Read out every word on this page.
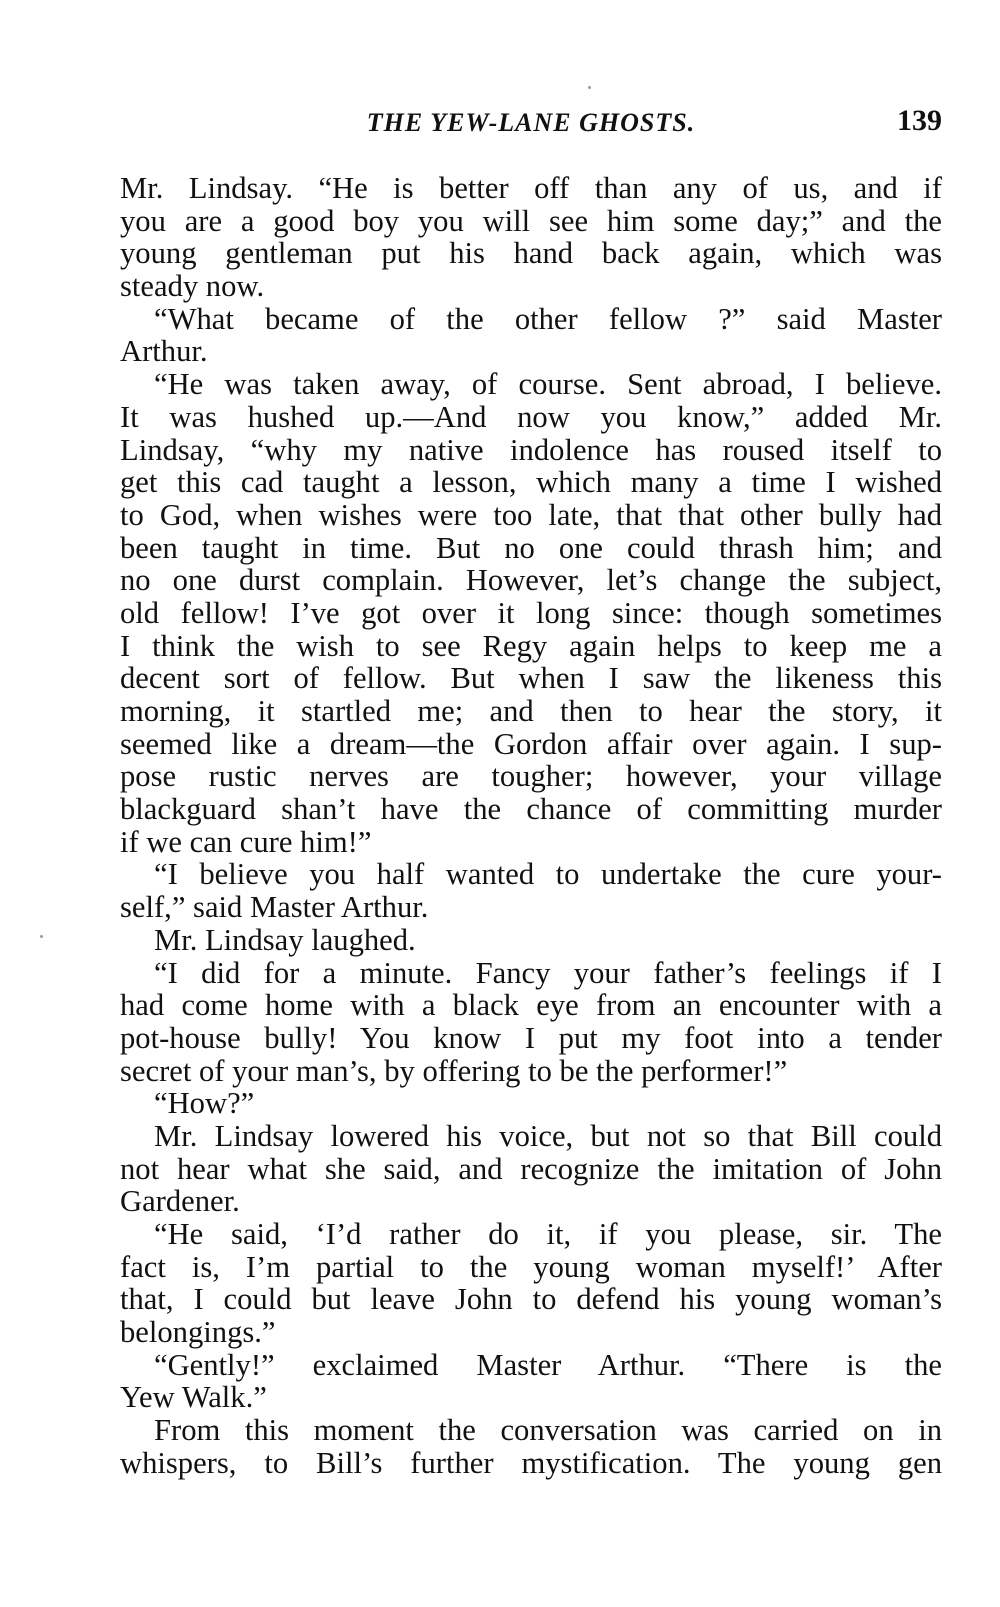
THE YEW-LANE GHOSTS.	139
Mr. Lindsay. “He is better off than any of us, and if
you are a good boy you will see him some day;” and the
young gentleman put his hand back again, which was
steady now.
“What became of the other fellow ?” said Master
Arthur.
“He was taken away, of course. Sent abroad, I believe.
It was hushed up.—And now you know,” added Mr.
Lindsay, “why my native indolence has roused itself to
get this cad taught a lesson, which many a time I wished
to God, when wishes were too late, that that other bully had
been taught in time. But no one could thrash him; and
no one durst complain. However, let’s change the subject,
old fellow! I’ve got over it long since: though sometimes
I think the wish to see Regy again helps to keep me a
decent sort of fellow. But when I saw the likeness this
morning, it startled me; and then to hear the story, it
seemed like a dream—the Gordon affair over again. I sup-
pose rustic nerves are tougher; however, your village
blackguard shan’t have the chance of committing murder
if we can cure him!”
“I believe you half wanted to undertake the cure your-
self,” said Master Arthur.
Mr. Lindsay laughed.
“I did for a minute. Fancy your father’s feelings if I
had come home with a black eye from an encounter with a
pot-house bully! You know I put my foot into a tender
secret of your man’s, by offering to be the performer!”
“How?”
Mr. Lindsay lowered his voice, but not so that Bill could
not hear what she said, and recognize the imitation of John
Gardener.
“He said, ‘I’d rather do it, if you please, sir. The
fact is, I’m partial to the young woman myself!’ After
that, I could but leave John to defend his young woman’s
belongings.”
“Gently!” exclaimed Master Arthur. “There is the
Yew Walk.”
From this moment the conversation was carried on in
whispers, to Bill’s further mystification. The young gen
